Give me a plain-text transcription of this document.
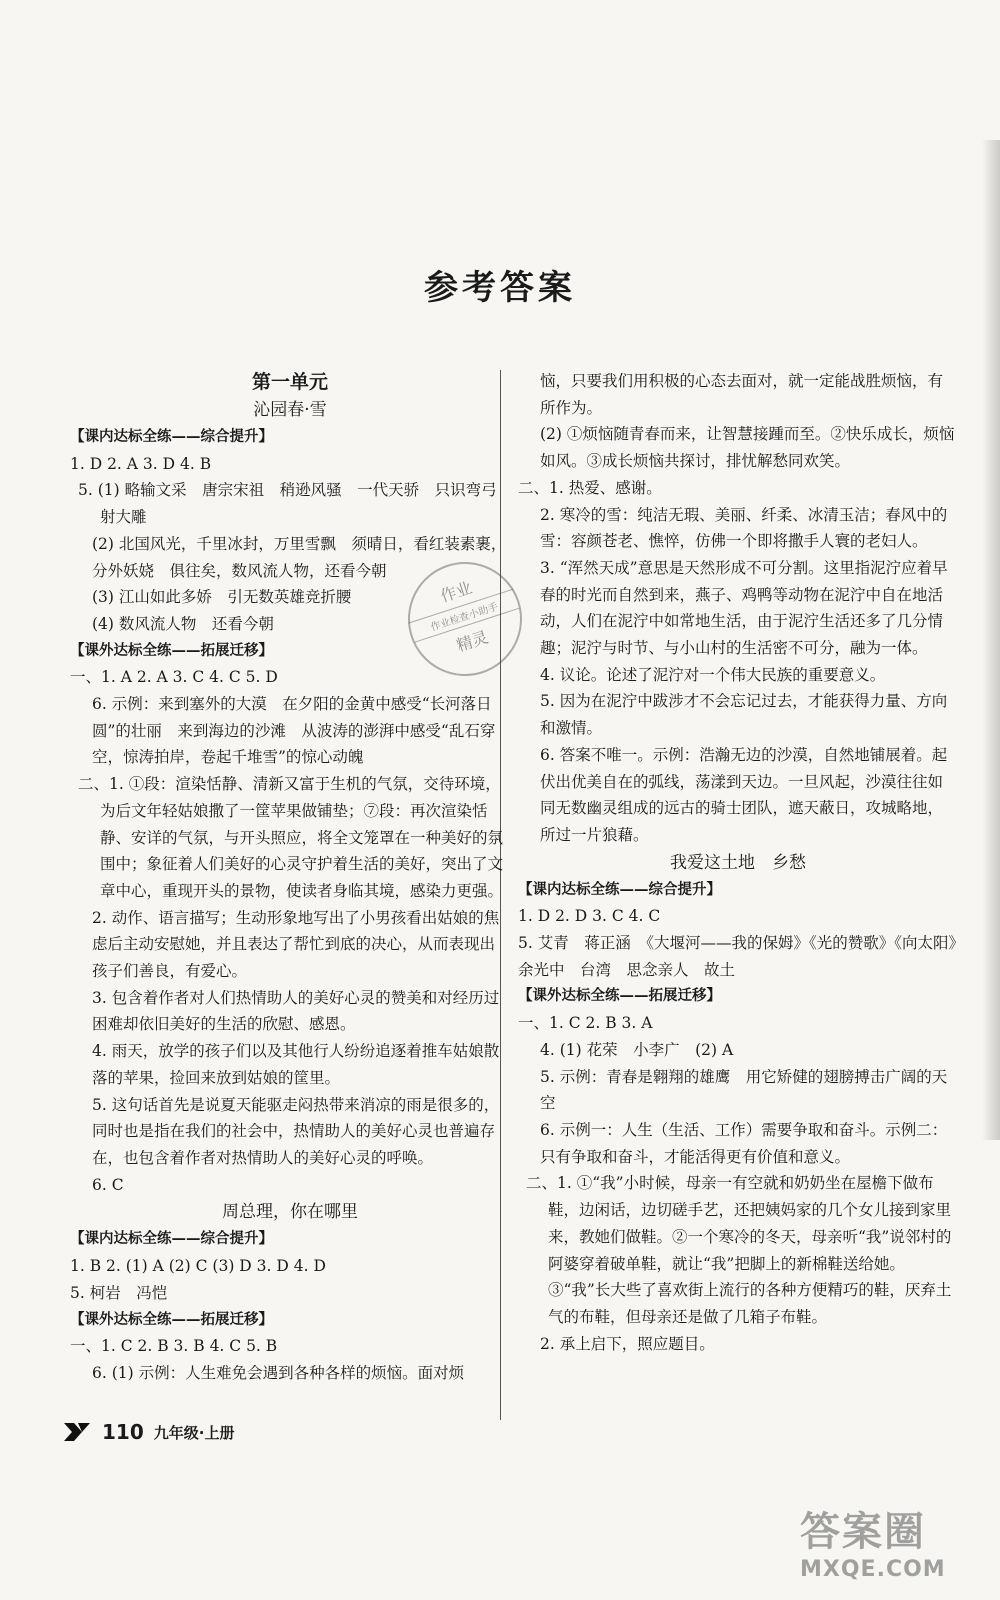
参考答案
第一单元
沁园春·雪
【课内达标全练——综合提升】

1. D 2. A 3. D 4. B

5. (1) 略输文采　唐宗宋祖　稍逊风骚　一代天骄　只识弯弓射大雕

(2) 北国风光，千里冰封，万里雪飘　须晴日，看红装素裹，分外妖娆　俱往矣，数风流人物，还看今朝

(3) 江山如此多娇　引无数英雄竞折腰

(4) 数风流人物　还看今朝

【课外达标全练——拓展迁移】

一、1. A 2. A 3. C 4. C 5. D

6. 示例：来到塞外的大漠　在夕阳的金黄中感受“长河落日圆”的壮丽　来到海边的沙滩　从波涛的澎湃中感受“乱石穿空，惊涛拍岸，卷起千堆雪”的惊心动魄

二、1. ①段：渲染恬静、清新又富于生机的气氛，交待环境，为后文年轻姑娘撒了一筐苹果做铺垫；⑦段：再次渲染恬静、安详的气氛，与开头照应，将全文笼罩在一种美好的氛围中；象征着人们美好的心灵守护着生活的美好，突出了文章中心，重现开头的景物，使读者身临其境，感染力更强。

2. 动作、语言描写；生动形象地写出了小男孩看出姑娘的焦虑后主动安慰她，并且表达了帮忙到底的决心，从而表现出孩子们善良，有爱心。

3. 包含着作者对人们热情助人的美好心灵的赞美和对经历过困难却依旧美好的生活的欣慰、感恩。

4. 雨天，放学的孩子们以及其他行人纷纷追逐着推车姑娘散落的苹果，捡回来放到姑娘的筐里。

5. 这句话首先是说夏天能驱走闷热带来消凉的雨是很多的，同时也是指在我们的社会中，热情助人的美好心灵也普遍存在，也包含着作者对热情助人的美好心灵的呼唤。

6. C

周总理，你在哪里
【课内达标全练——综合提升】

1. B 2. (1) A (2) C (3) D 3. D 4. D

5. 柯岩　冯恺

【课外达标全练——拓展迁移】

一、1. C 2. B 3. B 4. C 5. B

6. (1) 示例：人生难免会遇到各种各样的烦恼。面对烦

恼，只要我们用积极的心态去面对，就一定能战胜烦恼，有所作为。

(2) ①烦恼随青春而来，让智慧接踵而至。②快乐成长，烦恼如风。③成长烦恼共探讨，排忧解愁同欢笑。

二、1. 热爱、感谢。

2. 寒冷的雪：纯洁无瑕、美丽、纤柔、冰清玉洁；春风中的雪：容颜苍老、憔悴，仿佛一个即将撒手人寰的老妇人。

3. “浑然天成”意思是天然形成不可分割。这里指泥泞应着早春的时光而自然到来，燕子、鸡鸭等动物在泥泞中自在地活动，人们在泥泞中如常地生活，由于泥泞生活还多了几分情趣；泥泞与时节、与小山村的生活密不可分，融为一体。

4. 议论。论述了泥泞对一个伟大民族的重要意义。

5. 因为在泥泞中跋涉才不会忘记过去，才能获得力量、方向和激情。

6. 答案不唯一。示例：浩瀚无边的沙漠，自然地铺展着。起伏出优美自在的弧线，荡漾到天边。一旦风起，沙漠往往如同无数幽灵组成的远古的骑士团队，遮天蔽日，攻城略地，所过一片狼藉。

我爱这土地　乡愁
【课内达标全练——综合提升】

1. D 2. D 3. C 4. C

5. 艾青　蒋正涵　《大堰河——我的保姆》《光的赞歌》《向太阳》　余光中　台湾　思念亲人　故土

【课外达标全练——拓展迁移】

一、1. C 2. B 3. A

4. (1) 花荣　小李广　(2) A

5. 示例：青春是翱翔的雄鹰　用它矫健的翅膀搏击广阔的天空

6. 示例一：人生（生活、工作）需要争取和奋斗。示例二：只有争取和奋斗，才能活得更有价值和意义。

二、1. ①“我”小时候，母亲一有空就和奶奶坐在屋檐下做布鞋，边闲话，边切磋手艺，还把姨妈家的几个女儿接到家里来，教她们做鞋。②一个寒冷的冬天，母亲听“我”说邻村的阿婆穿着破单鞋，就让“我”把脚上的新棉鞋送给她。③“我”长大些了喜欢街上流行的各种方便精巧的鞋，厌弃土气的布鞋，但母亲还是做了几箱子布鞋。

2. 承上启下，照应题目。

作业
作业检查小助手
精灵
110 九年级·上册
答案圈
MXQE.COM
